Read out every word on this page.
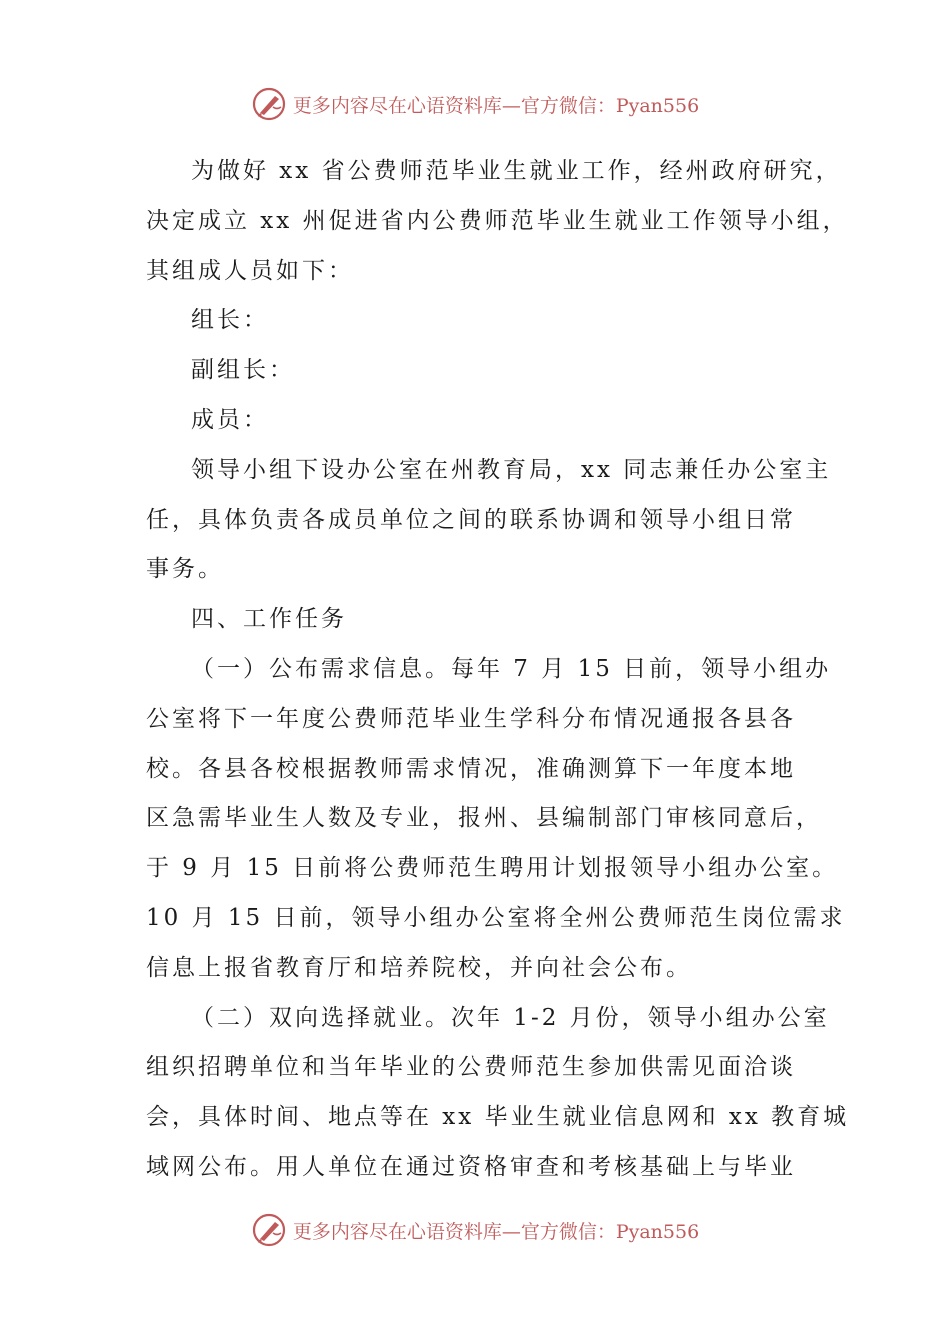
更多内容尽在心语资料库—官方微信：Pyan556
为做好 xx 省公费师范毕业生就业工作，经州政府研究，
决定成立 xx 州促进省内公费师范毕业生就业工作领导小组，
其组成人员如下：
组长：
副组长：
成员：
领导小组下设办公室在州教育局，xx 同志兼任办公室主
任，具体负责各成员单位之间的联系协调和领导小组日常
事务。
四、工作任务
（一）公布需求信息。每年 7 月 15 日前，领导小组办
公室将下一年度公费师范毕业生学科分布情况通报各县各
校。各县各校根据教师需求情况，准确测算下一年度本地
区急需毕业生人数及专业，报州、县编制部门审核同意后，
于 9 月 15 日前将公费师范生聘用计划报领导小组办公室。
10 月 15 日前，领导小组办公室将全州公费师范生岗位需求
信息上报省教育厅和培养院校，并向社会公布。
（二）双向选择就业。次年 1-2 月份，领导小组办公室
组织招聘单位和当年毕业的公费师范生参加供需见面洽谈
会，具体时间、地点等在 xx 毕业生就业信息网和 xx 教育城
域网公布。用人单位在通过资格审查和考核基础上与毕业
更多内容尽在心语资料库—官方微信：Pyan556
